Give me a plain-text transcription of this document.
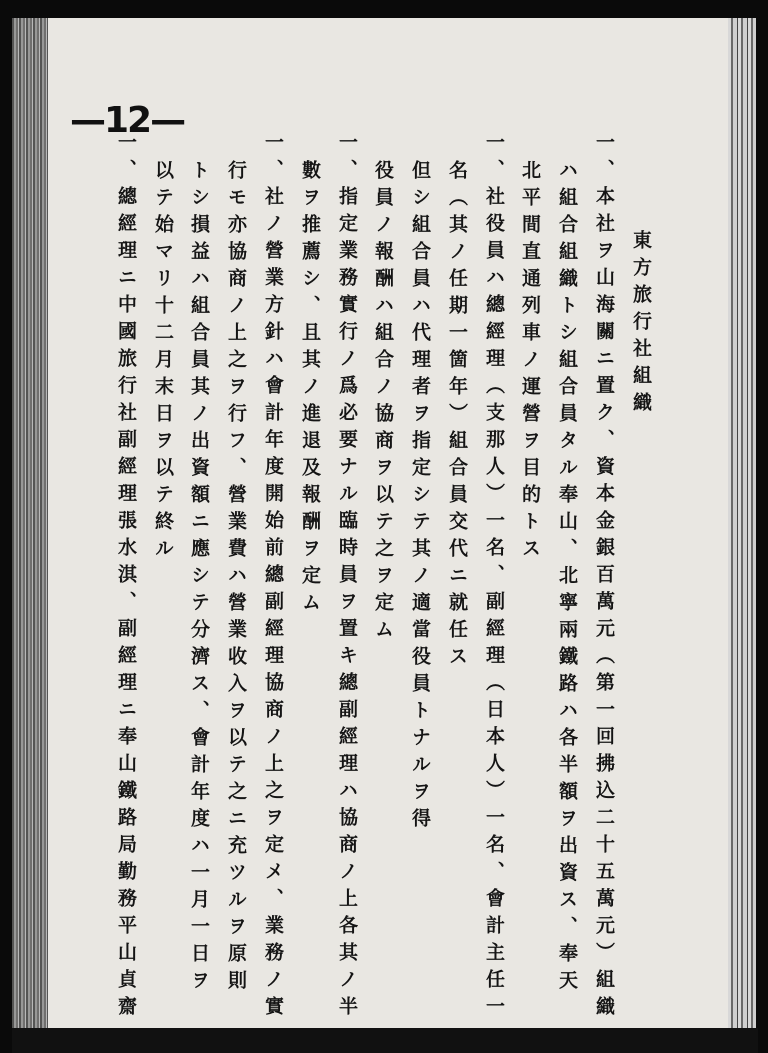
—12—
東方旅行社組織
一、本社ヲ山海關ニ置ク、資本金銀百萬元（第一回拂込二十五萬元）組織
ハ組合組織トシ組合員タル奉山、北寧兩鐵路ハ各半額ヲ出資ス、奉天
北平間直通列車ノ運營ヲ目的トス
一、社役員ハ總經理（支那人）一名、副經理（日本人）一名、會計主任一
名（其ノ任期一箇年）組合員交代ニ就任ス
但シ組合員ハ代理者ヲ指定シテ其ノ適當役員トナルヲ得
役員ノ報酬ハ組合ノ協商ヲ以テ之ヲ定ム
一、指定業務實行ノ爲必要ナル臨時員ヲ置キ總副經理ハ協商ノ上各其ノ半
數ヲ推薦シ、且其ノ進退及報酬ヲ定ム
一、社ノ營業方針ハ會計年度開始前總副經理協商ノ上之ヲ定メ、業務ノ實
行モ亦協商ノ上之ヲ行フ、營業費ハ營業收入ヲ以テ之ニ充ツルヲ原則
トシ損益ハ組合員其ノ出資額ニ應シテ分濟ス、會計年度ハ一月一日ヲ
以テ始マリ十二月末日ヲ以テ終ル
一、總經理ニ中國旅行社副經理張水淇、副經理ニ奉山鐵路局勤務平山貞齋
